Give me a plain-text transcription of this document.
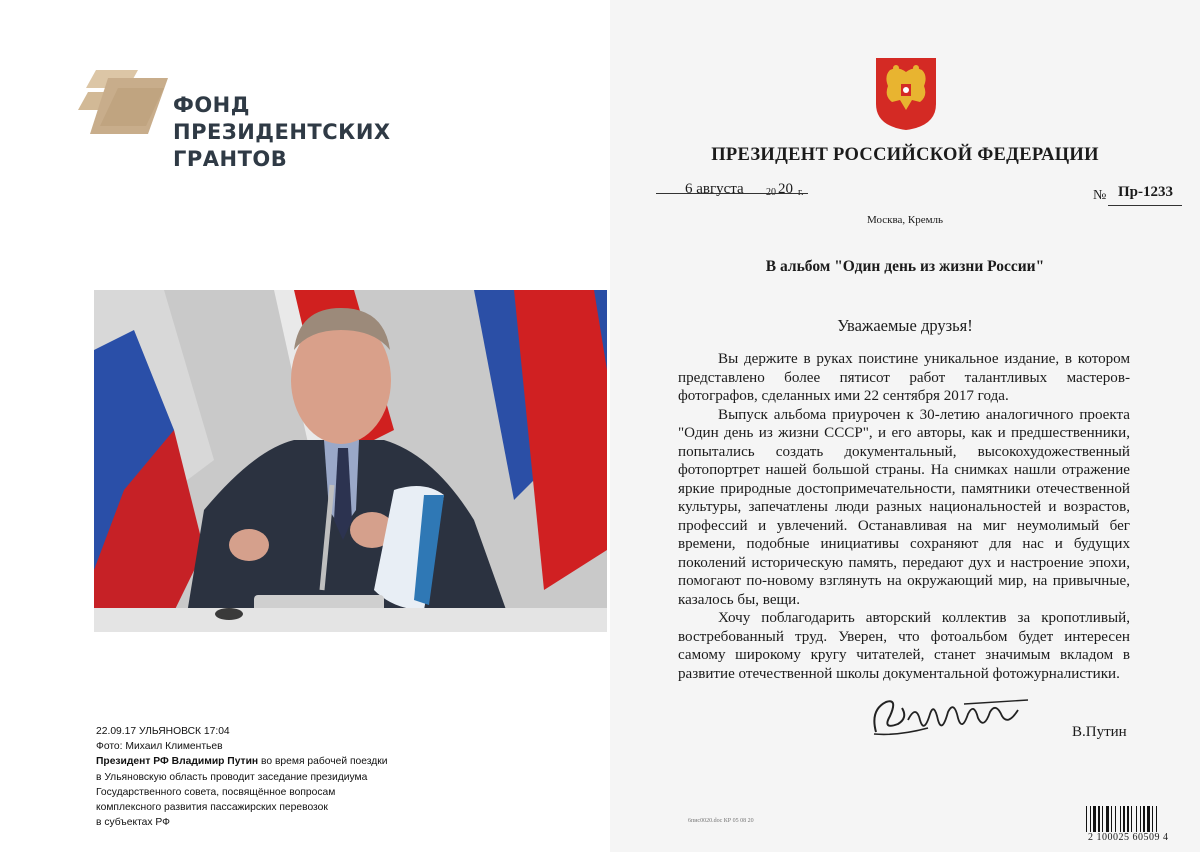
ФОНД
ПРЕЗИДЕНТСКИХ
ГРАНТОВ
22.09.17 УЛЬЯНОВСК 17:04
Фото: Михаил Климентьев
Президент РФ Владимир Путин во время рабочей поездки
в Ульяновскую область проводит заседание президиума
Государственного совета, посвящённое вопросам
комплексного развития пассажирских перевозок
в субъектах РФ
ПРЕЗИДЕНТ РОССИЙСКОЙ ФЕДЕРАЦИИ
6 августа 20 20 г.	№ Пр-1233
Москва, Кремль
В альбом "Один день из жизни России"
Уважаемые друзья!

Вы держите в руках поистине уникальное издание, в котором представлено более пятисот работ талантливых мастеров-фотографов, сделанных ими 22 сентября 2017 года.

Выпуск альбома приурочен к 30-летию аналогичного проекта "Один день из жизни СССР", и его авторы, как и предшественники, попытались создать документальный, высокохудожественный фотопортрет нашей большой страны. На снимках нашли отражение яркие природные достопримечательности, памятники отечественной культуры, запечатлены люди разных национальностей и возрастов, профессий и увлечений. Останавливая на миг неумолимый бег времени, подобные инициативы сохраняют для нас и будущих поколений историческую память, передают дух и настроение эпохи, помогают по-новому взглянуть на окружающий мир, на привычные, казалось бы, вещи.

Хочу поблагодарить авторский коллектив за кропотливый, востребованный труд. Уверен, что фотоальбом будет интересен самому широкому кругу читателей, станет значимым вкладом в развитие отечественной школы документальной фотожурналистики.

В.Путин
6пис0020.doc КР 05 08 20
2 100025 60509 4
